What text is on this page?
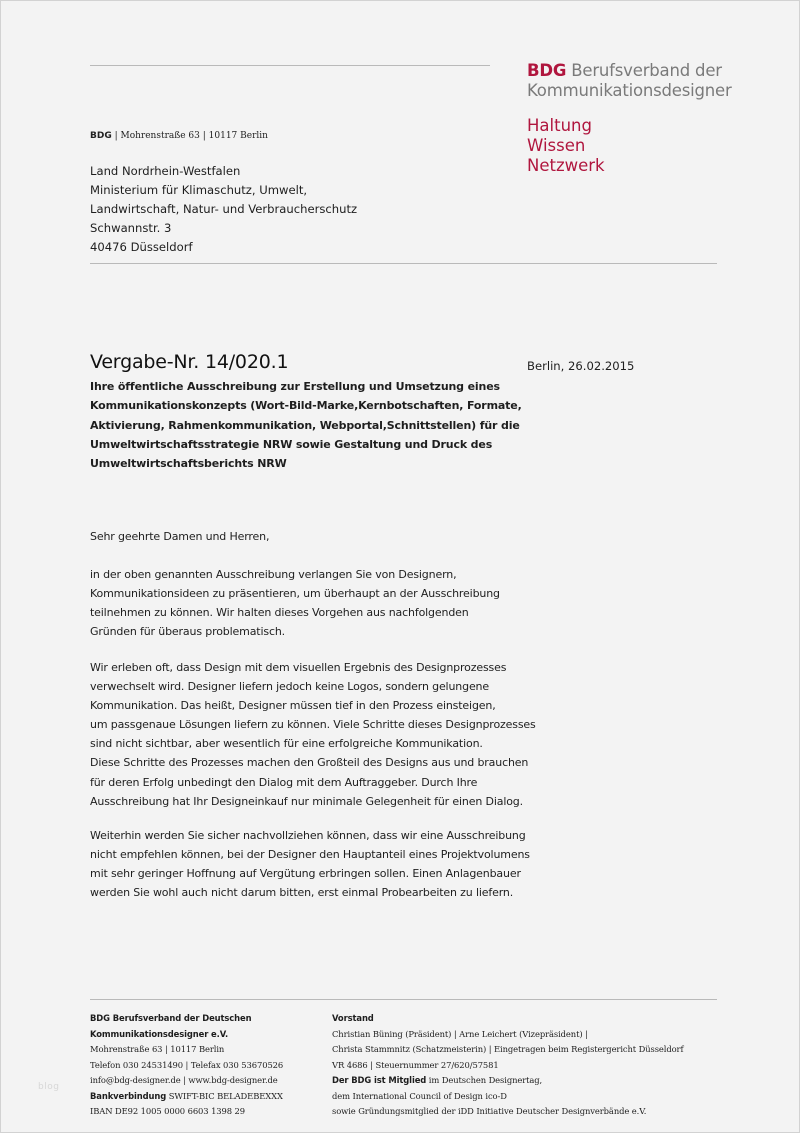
BDG Berufsverband der
Kommunikationsdesigner
Haltung
Wissen
Netzwerk
BDG | Mohrenstraße 63 | 10117 Berlin
Land Nordrhein-Westfalen
Ministerium für Klimaschutz, Umwelt,
Landwirtschaft, Natur- und Verbraucherschutz
Schwannstr. 3
40476 Düsseldorf
Vergabe-Nr. 14/020.1	Berlin, 26.02.2015
Ihre öffentliche Ausschreibung zur Erstellung und Umsetzung eines
Kommunikationskonzepts (Wort-Bild-Marke,Kernbotschaften, Formate,
Aktivierung, Rahmenkommunikation, Webportal,Schnittstellen) für die
Umweltwirtschaftsstrategie NRW sowie Gestaltung und Druck des
Umweltwirtschaftsberichts NRW
Sehr geehrte Damen und Herren,
in der oben genannten Ausschreibung verlangen Sie von Designern,
Kommunikationsideen zu präsentieren, um überhaupt an der Ausschreibung
teilnehmen zu können. Wir halten dieses Vorgehen aus nachfolgenden
Gründen für überaus problematisch.
Wir erleben oft, dass Design mit dem visuellen Ergebnis des Designprozesses
verwechselt wird. Designer liefern jedoch keine Logos, sondern gelungene
Kommunikation. Das heißt, Designer müssen tief in den Prozess einsteigen,
um passgenaue Lösungen liefern zu können. Viele Schritte dieses Designprozesses
sind nicht sichtbar, aber wesentlich für eine erfolgreiche Kommunikation.
Diese Schritte des Prozesses machen den Großteil des Designs aus und brauchen
für deren Erfolg unbedingt den Dialog mit dem Auftraggeber. Durch Ihre
Ausschreibung hat Ihr Designeinkauf nur minimale Gelegenheit für einen Dialog.
Weiterhin werden Sie sicher nachvollziehen können, dass wir eine Ausschreibung
nicht empfehlen können, bei der Designer den Hauptanteil eines Projektvolumens
mit sehr geringer Hoffnung auf Vergütung erbringen sollen. Einen Anlagenbauer
werden Sie wohl auch nicht darum bitten, erst einmal Probearbeiten zu liefern.
BDG Berufsverband der Deutschen
Kommunikationsdesigner e.V.
Mohrenstraße 63 | 10117 Berlin
Telefon 030 24531490 | Telefax 030 53670526
info@bdg-designer.de | www.bdg-designer.de
Bankverbindung SWIFT-BIC BELADEBEXXX
IBAN DE92 1005 0000 6603 1398 29
Vorstand
Christian Büning (Präsident) | Arne Leichert (Vizepräsident) |
Christa Stammnitz (Schatzmeisterin) | Eingetragen beim Registergericht Düsseldorf
VR 4686 | Steuernummer 27/620/57581
Der BDG ist Mitglied im Deutschen Designertag,
dem International Council of Design ico-D
sowie Gründungsmitglied der iDD Initiative Deutscher Designverbände e.V.
blog
